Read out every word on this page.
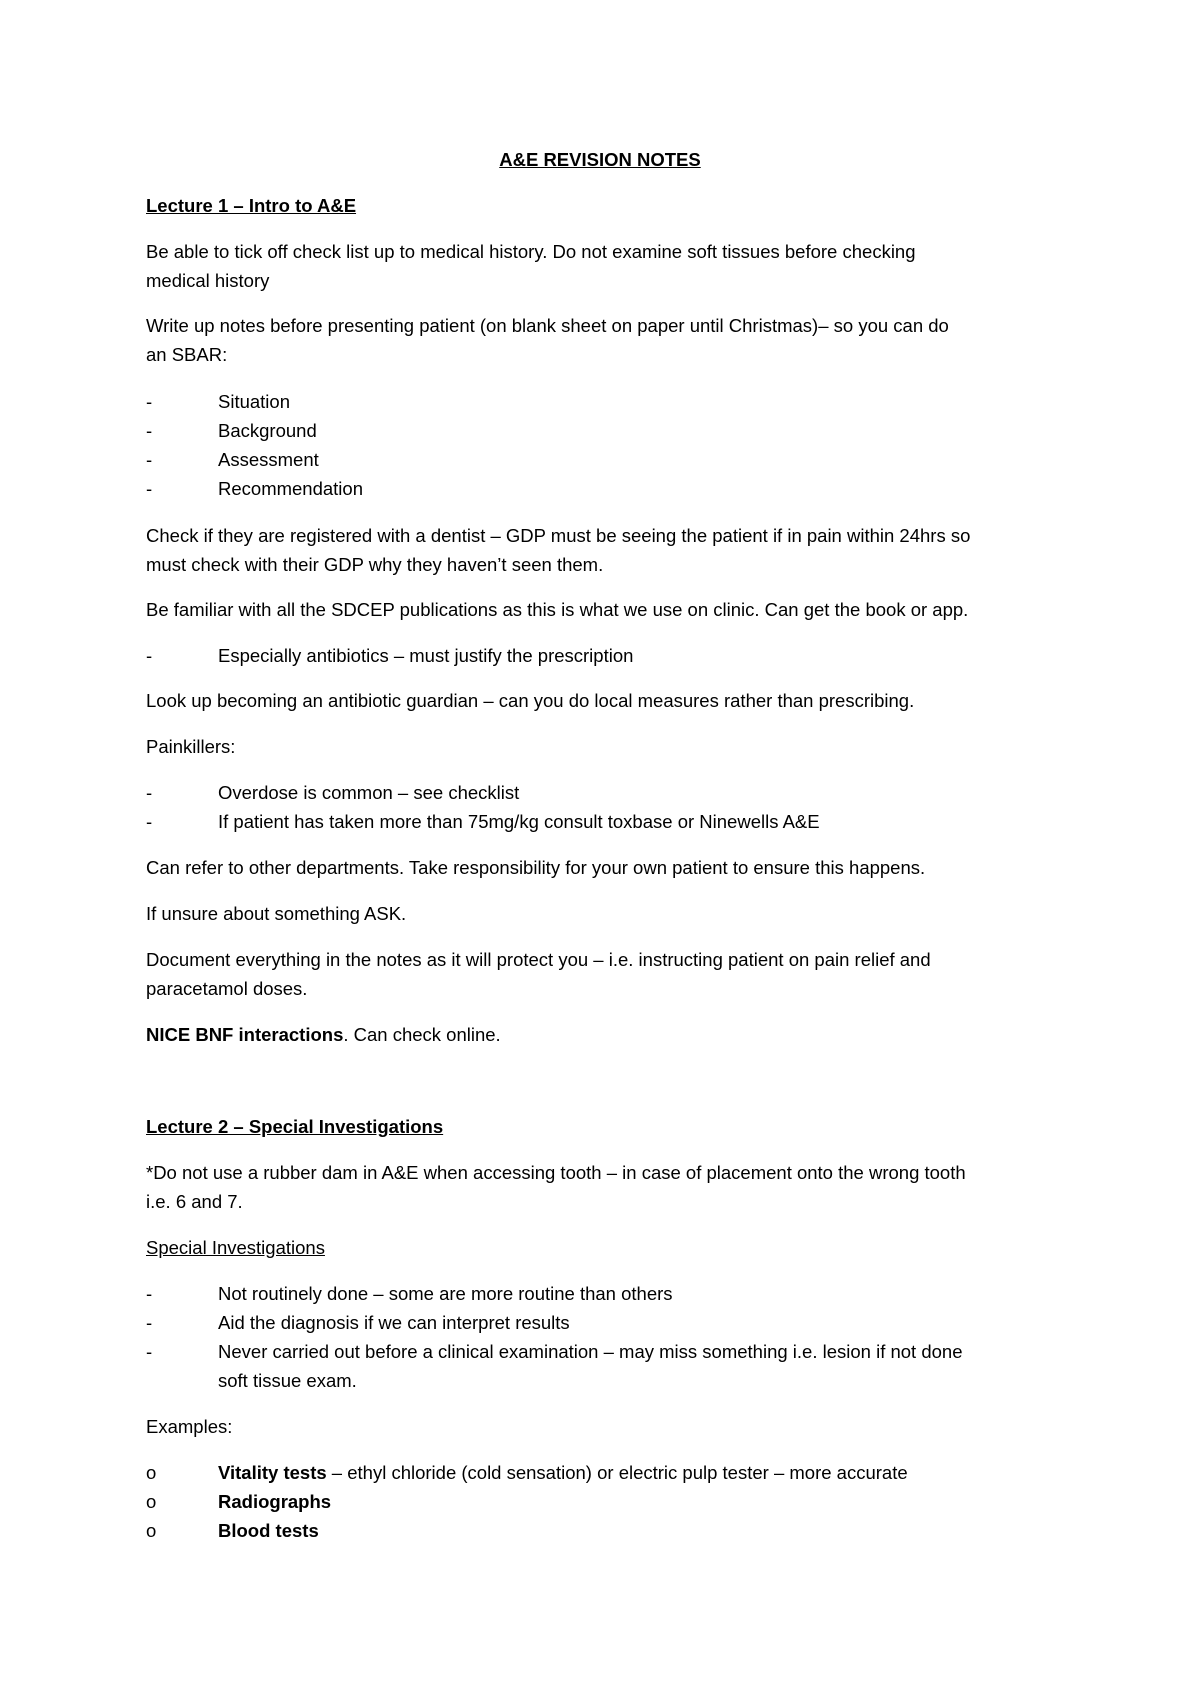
A&E REVISION NOTES
Lecture 1 – Intro to A&E
Be able to tick off check list up to medical history. Do not examine soft tissues before checking
medical history
Write up notes before presenting patient (on blank sheet on paper until Christmas)– so you can do
an SBAR:
-	Situation
-	Background
-	Assessment
-	Recommendation
Check if they are registered with a dentist – GDP must be seeing the patient if in pain within 24hrs so
must check with their GDP why they haven’t seen them.
Be familiar with all the SDCEP publications as this is what we use on clinic. Can get the book or app.
-	Especially antibiotics – must justify the prescription
Look up becoming an antibiotic guardian – can you do local measures rather than prescribing.
Painkillers:
-	Overdose is common – see checklist
-	If patient has taken more than 75mg/kg consult toxbase or Ninewells A&E
Can refer to other departments. Take responsibility for your own patient to ensure this happens.
If unsure about something ASK.
Document everything in the notes as it will protect you – i.e. instructing patient on pain relief and
paracetamol doses.
NICE BNF interactions. Can check online.
Lecture 2 – Special Investigations
*Do not use a rubber dam in A&E when accessing tooth – in case of placement onto the wrong tooth
i.e. 6 and 7.
Special Investigations
-	Not routinely done – some are more routine than others
-	Aid the diagnosis if we can interpret results
-	Never carried out before a clinical examination – may miss something i.e. lesion if not done
soft tissue exam.
Examples:
o	Vitality tests – ethyl chloride (cold sensation) or electric pulp tester – more accurate
o	Radiographs
o	Blood tests
